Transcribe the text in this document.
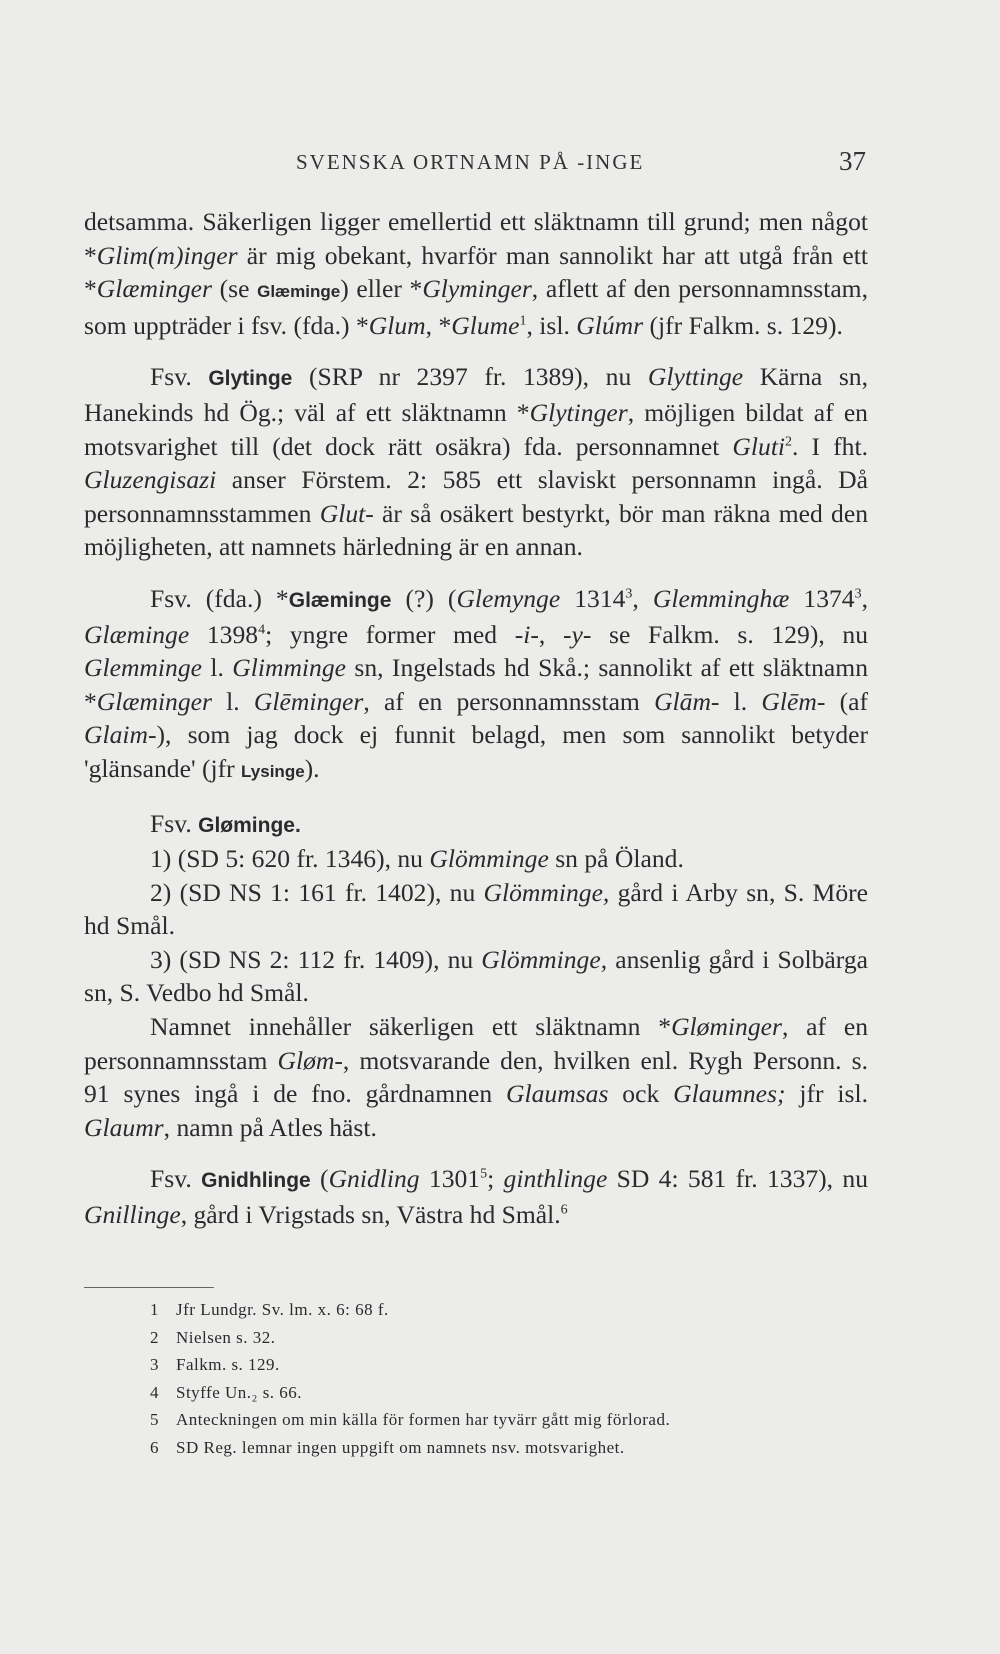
SVENSKA ORTNAMN PÅ -INGE	37

detsamma. Säkerligen ligger emellertid ett släktnamn till grund; men något *Glim(m)inger är mig obekant, hvarför man sannolikt har att utgå från ett *Glæminger (se Glæminge) eller *Glyminger, aflett af den personnamnsstam, som uppträder i fsv. (fda.) *Glum, *Glume$^1$, isl. Glúmr (jfr Falkm. s. 129).

Fsv. Glytinge (SRP nr 2397 fr. 1389), nu Glyttinge Kärna sn, Hanekinds hd Ög.; väl af ett släktnamn *Glytinger, möjligen bildat af en motsvarighet till (det dock rätt osäkra) fda. personnamnet Gluti$^2$. I fht. Gluzengisazi anser Förstem. 2: 585 ett slaviskt personnamn ingå. Då personnamnsstammen Glut- är så osäkert bestyrkt, bör man räkna med den möjligheten, att namnets härledning är en annan.

Fsv. (fda.) *Glæminge (?) (Glemynge 1314$^3$, Glemminghæ 1374$^3$, Glæminge 1398$^4$; yngre former med -i-, -y- se Falkm. s. 129), nu Glemminge l. Glimminge sn, Ingelstads hd Skå.; sannolikt af ett släktnamn *Glæminger l. Glēminger, af en personnamnsstam Glām- l. Glēm- (af Glaim-), som jag dock ej funnit belagd, men som sannolikt betyder 'glänsande' (jfr Lysinge).

Fsv. Gløminge.

1) (SD 5: 620 fr. 1346), nu Glömminge sn på Öland.

2) (SD NS 1: 161 fr. 1402), nu Glömminge, gård i Arby sn, S. Möre hd Smål.

3) (SD NS 2: 112 fr. 1409), nu Glömminge, ansenlig gård i Solbärga sn, S. Vedbo hd Smål.

Namnet innehåller säkerligen ett släktnamn *Gløminger, af en personnamnsstam Gløm-, motsvarande den, hvilken enl. Rygh Personn. s. 91 synes ingå i de fno. gårdnamnen Glaumsas ock Glaumnes; jfr isl. Glaumr, namn på Atles häst.

Fsv. Gnidhlinge (Gnidling 1301$^5$; ginthlinge SD 4: 581 fr. 1337), nu Gnillinge, gård i Vrigstads sn, Västra hd Smål.$^6$

1 Jfr Lundgr. Sv. lm. x. 6: 68 f.
2 Nielsen s. 32.
3 Falkm. s. 129.
4 Styffe Un.₂ s. 66.
5 Anteckningen om min källa för formen har tyvärr gått mig förlorad.
6 SD Reg. lemnar ingen uppgift om namnets nsv. motsvarighet.
